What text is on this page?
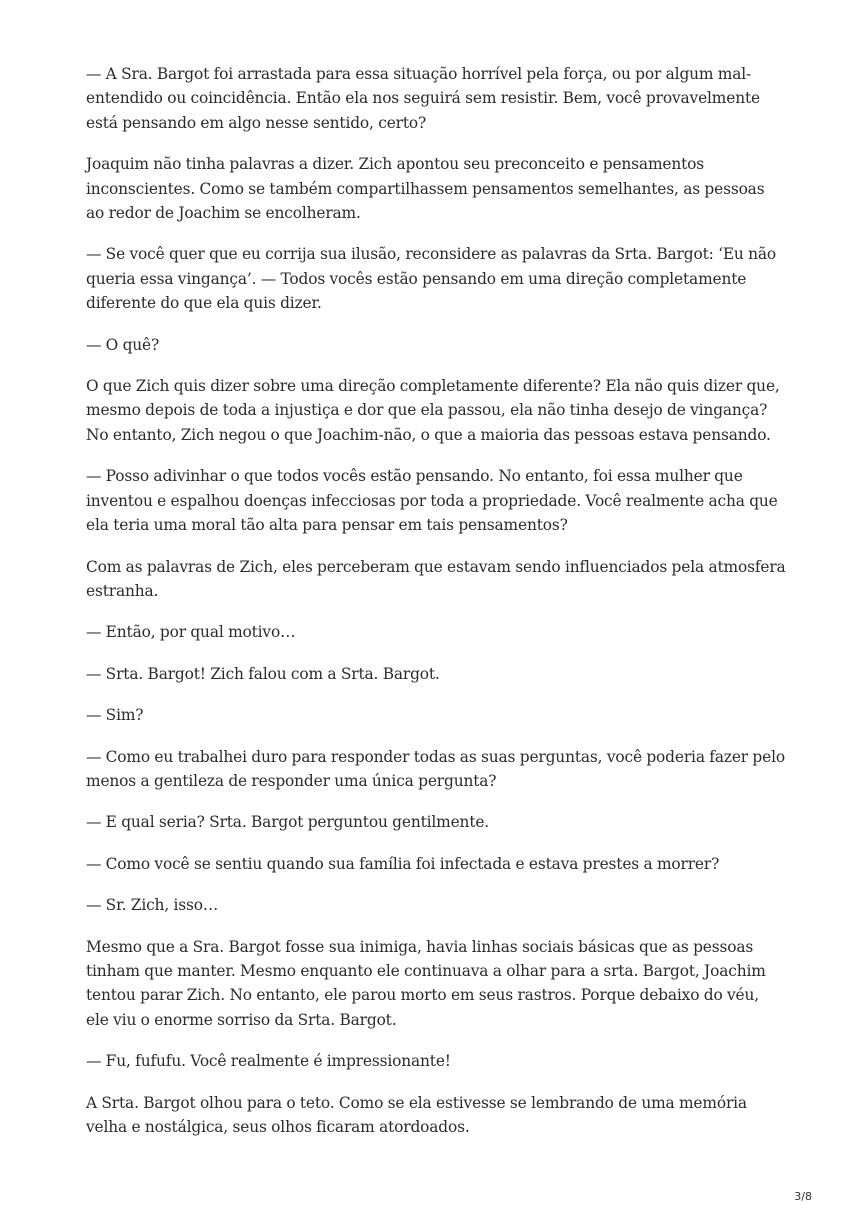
— A Sra. Bargot foi arrastada para essa situação horrível pela força, ou por algum mal-entendido ou coincidência. Então ela nos seguirá sem resistir. Bem, você provavelmente está pensando em algo nesse sentido, certo?

Joaquim não tinha palavras a dizer. Zich apontou seu preconceito e pensamentos inconscientes. Como se também compartilhassem pensamentos semelhantes, as pessoas ao redor de Joachim se encolheram.

— Se você quer que eu corrija sua ilusão, reconsidere as palavras da Srta. Bargot: ‘Eu não queria essa vingança’. — Todos vocês estão pensando em uma direção completamente diferente do que ela quis dizer.

— O quê?

O que Zich quis dizer sobre uma direção completamente diferente? Ela não quis dizer que, mesmo depois de toda a injustiça e dor que ela passou, ela não tinha desejo de vingança? No entanto, Zich negou o que Joachim-não, o que a maioria das pessoas estava pensando.

— Posso adivinhar o que todos vocês estão pensando. No entanto, foi essa mulher que inventou e espalhou doenças infecciosas por toda a propriedade. Você realmente acha que ela teria uma moral tão alta para pensar em tais pensamentos?

Com as palavras de Zich, eles perceberam que estavam sendo influenciados pela atmosfera estranha.

— Então, por qual motivo…

— Srta. Bargot! Zich falou com a Srta. Bargot.

— Sim?

— Como eu trabalhei duro para responder todas as suas perguntas, você poderia fazer pelo menos a gentileza de responder uma única pergunta?

— E qual seria? Srta. Bargot perguntou gentilmente.

— Como você se sentiu quando sua família foi infectada e estava prestes a morrer?

— Sr. Zich, isso…

Mesmo que a Sra. Bargot fosse sua inimiga, havia linhas sociais básicas que as pessoas tinham que manter. Mesmo enquanto ele continuava a olhar para a srta. Bargot, Joachim tentou parar Zich. No entanto, ele parou morto em seus rastros. Porque debaixo do véu, ele viu o enorme sorriso da Srta. Bargot.

— Fu, fufufu. Você realmente é impressionante!

A Srta. Bargot olhou para o teto. Como se ela estivesse se lembrando de uma memória velha e nostálgica, seus olhos ficaram atordoados.

3/8
